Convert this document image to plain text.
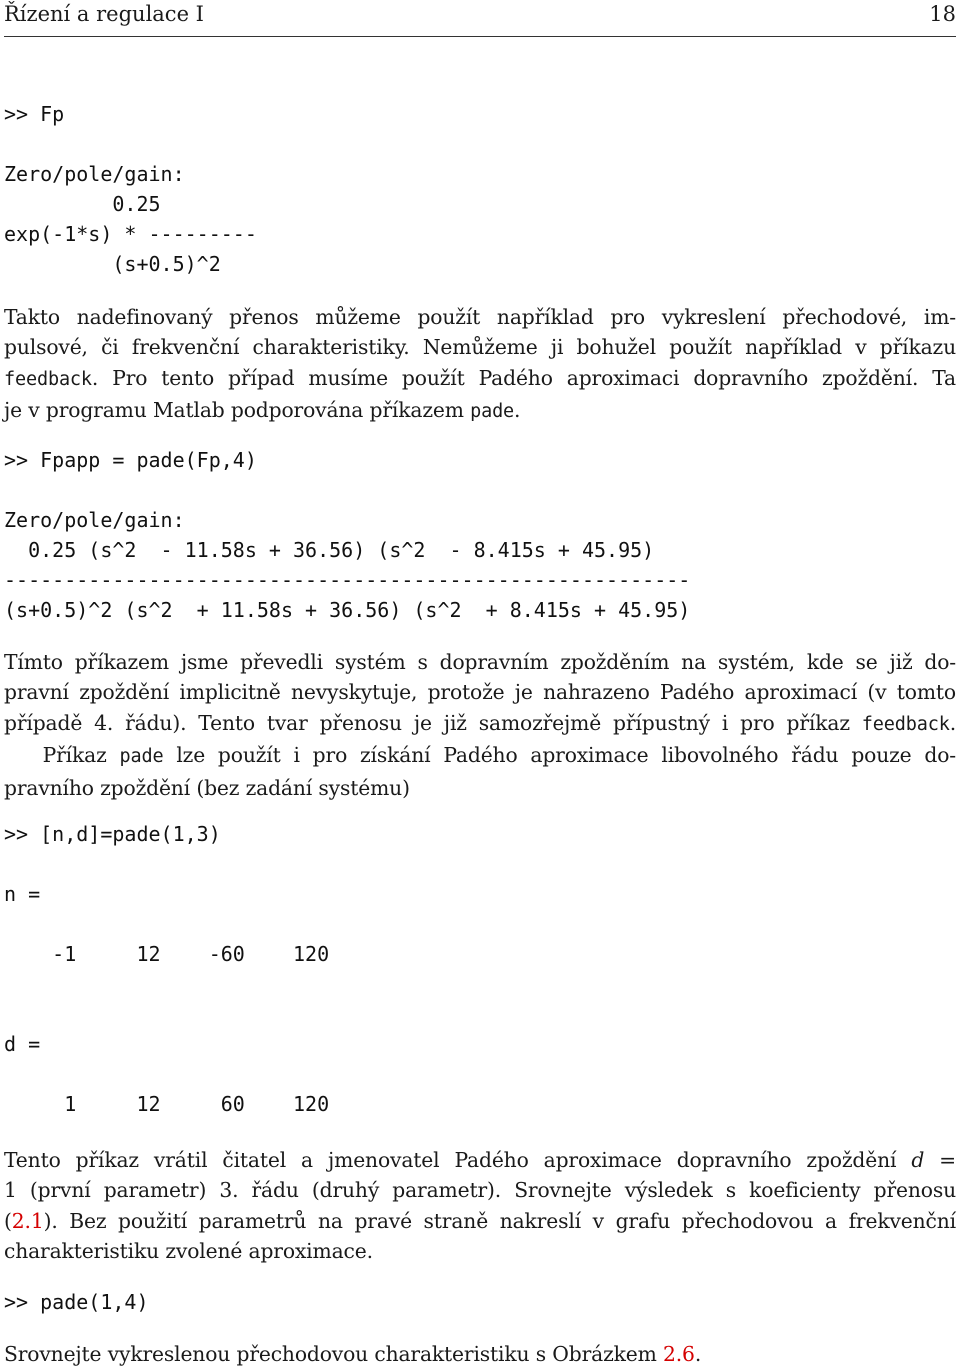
Řízení a regulace I	18
>> Fp

Zero/pole/gain:
0.25
exp(-1*s) * ---------
(s+0.5)^2
Takto nadefinovaný přenos můžeme použít například pro vykreslení přechodové, im-
pulsové, či frekvenční charakteristiky. Nemůžeme ji bohužel použít například v příkazu
feedback. Pro tento případ musíme použít Padého aproximaci dopravního zpoždění. Ta
je v programu Matlab podporována příkazem pade.
>> Fpapp = pade(Fp,4)

Zero/pole/gain:
0.25 (s^2  - 11.58s + 36.56) (s^2  - 8.415s + 45.95)
---------------------------------------------------------
(s+0.5)^2 (s^2  + 11.58s + 36.56) (s^2  + 8.415s + 45.95)
Tímto příkazem jsme převedli systém s dopravním zpožděním na systém, kde se již do-
pravní zpoždění implicitně nevyskytuje, protože je nahrazeno Padého aproximací (v tomto
případě 4. řádu). Tento tvar přenosu je již samozřejmě přípustný i pro příkaz feedback.
Příkaz pade lze použít i pro získání Padého aproximace libovolného řádu pouze do-
pravního zpoždění (bez zadání systému)
>> [n,d]=pade(1,3)

n =

-1     12    -60    120

d =

1     12     60    120
Tento příkaz vrátil čitatel a jmenovatel Padého aproximace dopravního zpoždění d =
1 (první parametr) 3. řádu (druhý parametr). Srovnejte výsledek s koeficienty přenosu
(2.1). Bez použití parametrů na pravé straně nakreslí v grafu přechodovou a frekvenční
charakteristiku zvolené aproximace.
>> pade(1,4)
Srovnejte vykreslenou přechodovou charakteristiku s Obrázkem 2.6.
